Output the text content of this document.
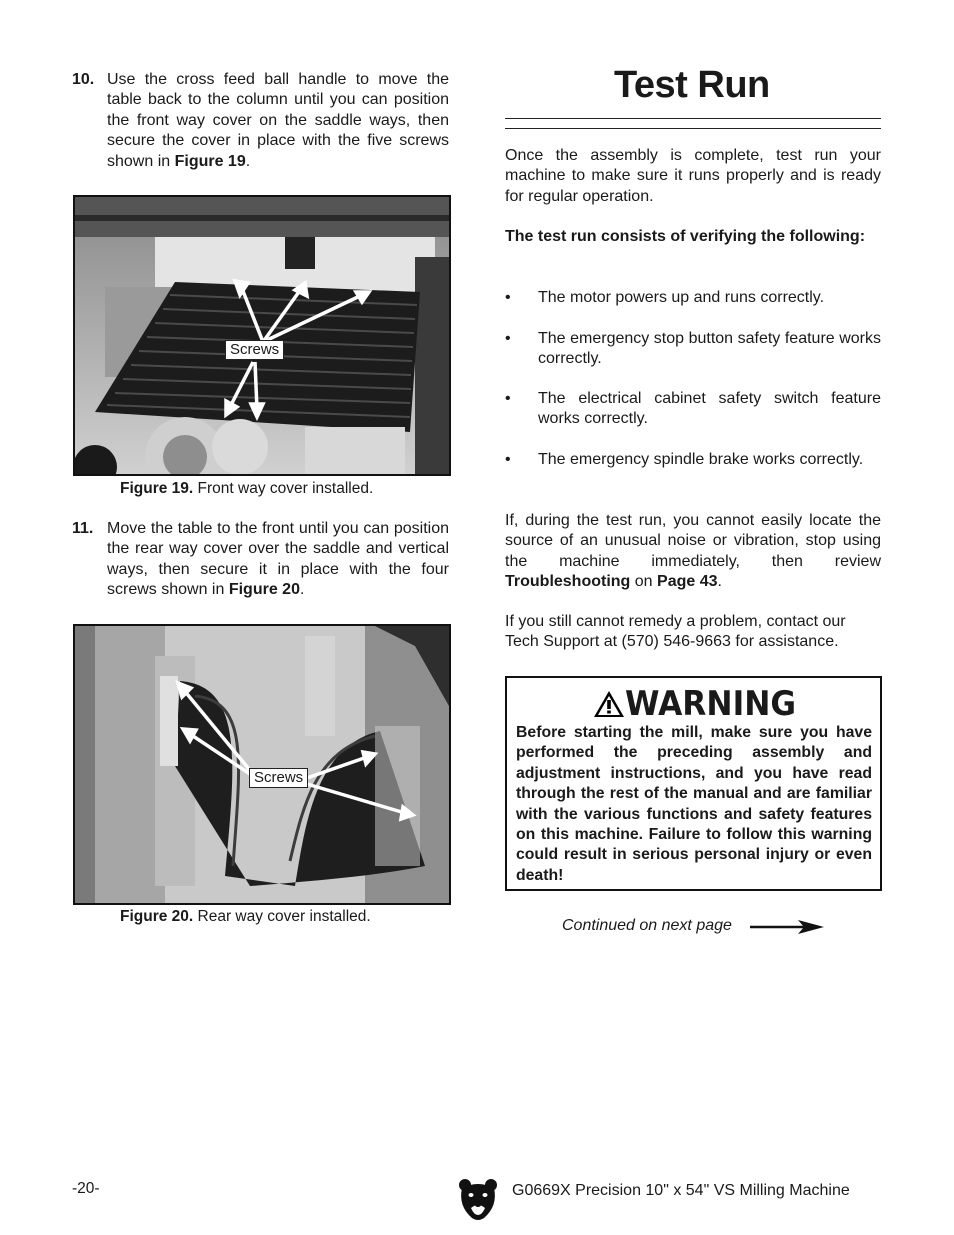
10. Use the cross feed ball handle to move the table back to the column until you can position the front way cover on the saddle ways, then secure the cover in place with the five screws shown in Figure 19.
Screws
Figure 19. Front way cover installed.
11. Move the table to the front until you can position the rear way cover over the saddle and vertical ways, then secure it in place with the four screws shown in Figure 20.
Screws
Figure 20. Rear way cover installed.
Test Run
Once the assembly is complete, test run your machine to make sure it runs properly and is ready for regular operation.
The test run consists of verifying the following:
• The motor powers up and runs correctly.
• The emergency stop button safety feature works correctly.
• The electrical cabinet safety switch feature works correctly.
• The emergency spindle brake works correctly.
If, during the test run, you cannot easily locate the source of an unusual noise or vibration, stop using the machine immediately, then review Troubleshooting on Page 43.
If you still cannot remedy a problem, contact our Tech Support at (570) 546-9663 for assistance.
WARNING
Before starting the mill, make sure you have performed the preceding assembly and adjustment instructions, and you have read through the rest of the manual and are familiar with the various functions and safety features on this machine. Failure to follow this warning could result in serious personal injury or even death!
Continued on next page
-20-	G0669X Precision 10" x 54" VS Milling Machine
